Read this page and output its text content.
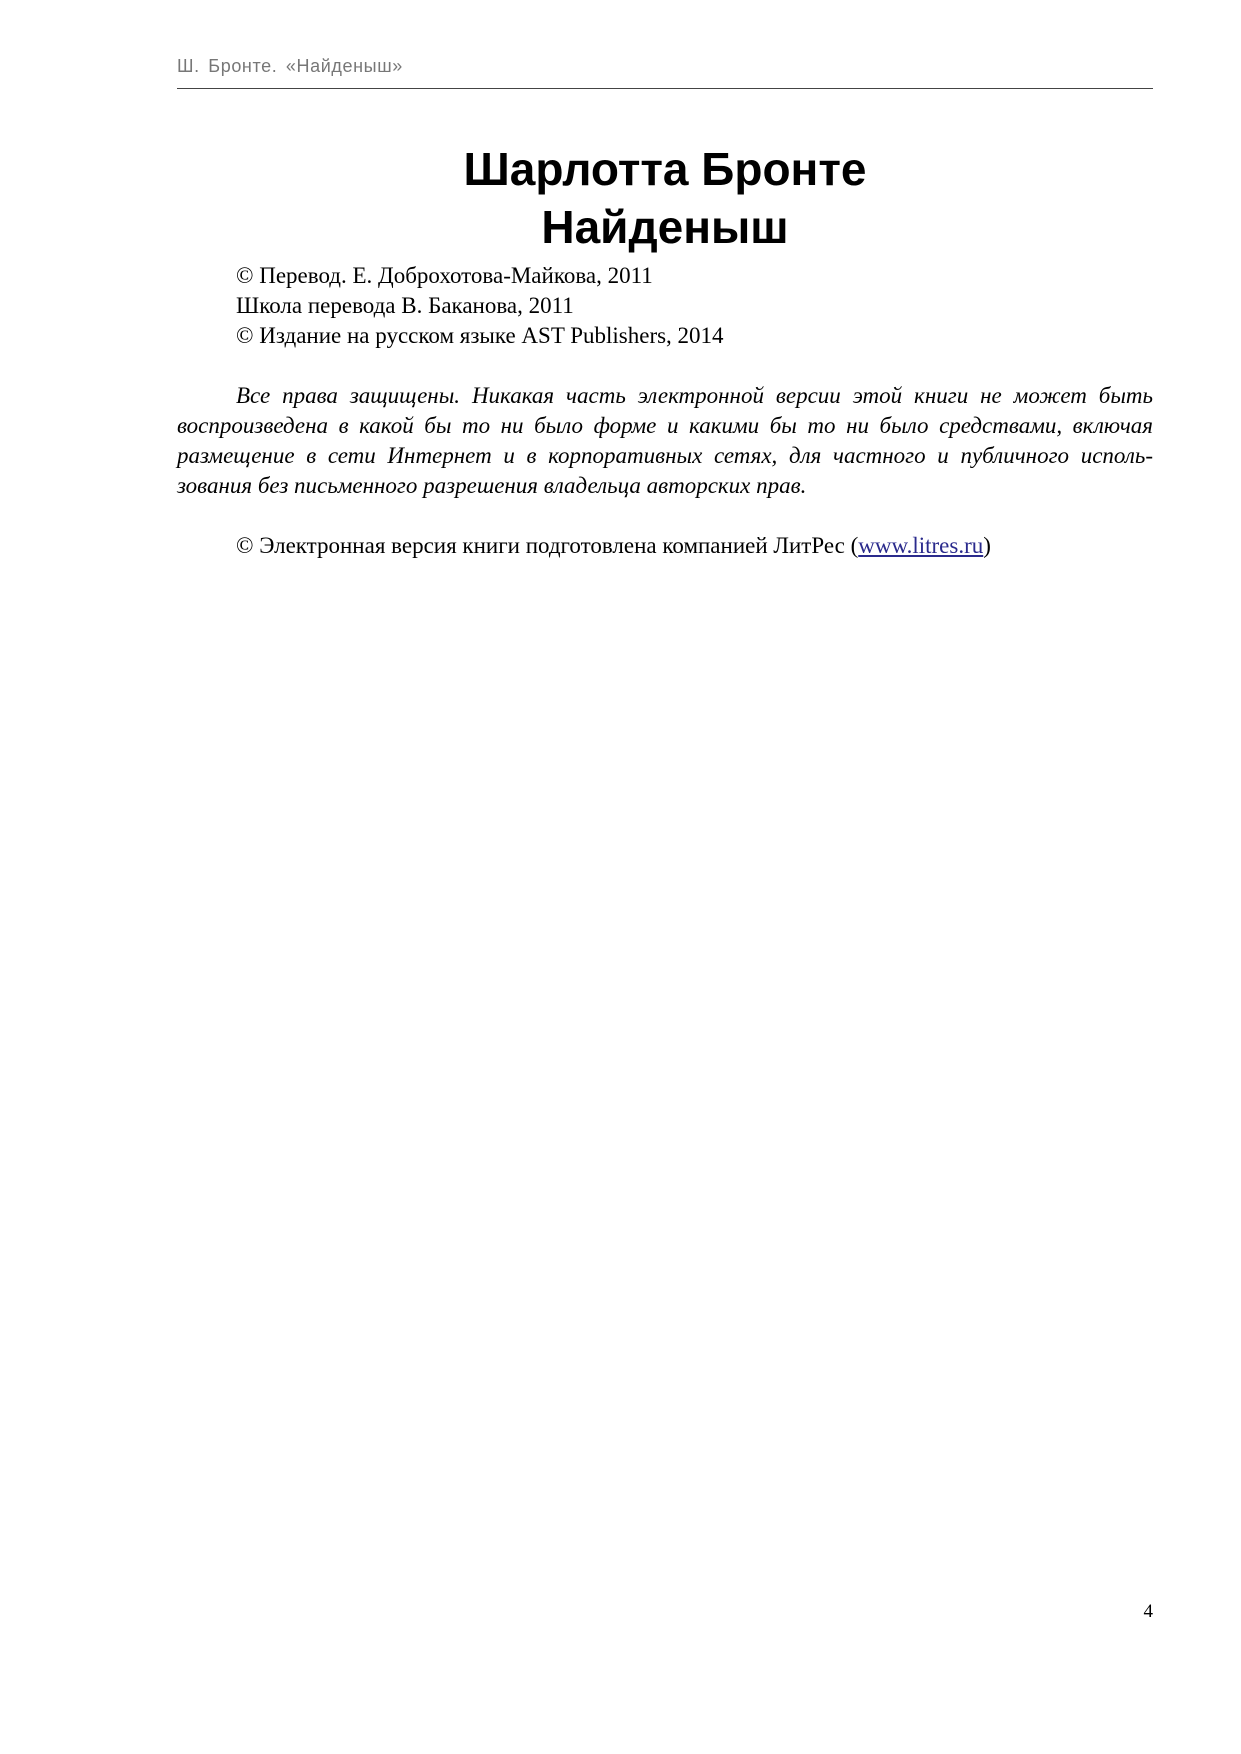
Ш. Бронте. «Найденыш»
Шарлотта Бронте
Найденыш
© Перевод. Е. Доброхотова-Майкова, 2011
Школа перевода В. Баканова, 2011
© Издание на русском языке AST Publishers, 2014
Все права защищены. Никакая часть электронной версии этой книги не может быть
воспроизведена в какой бы то ни было форме и какими бы то ни было средствами, включая
размещение в сети Интернет и в корпоративных сетях, для частного и публичного исполь-
зования без письменного разрешения владельца авторских прав.
© Электронная версия книги подготовлена компанией ЛитРес (www.litres.ru)
4
